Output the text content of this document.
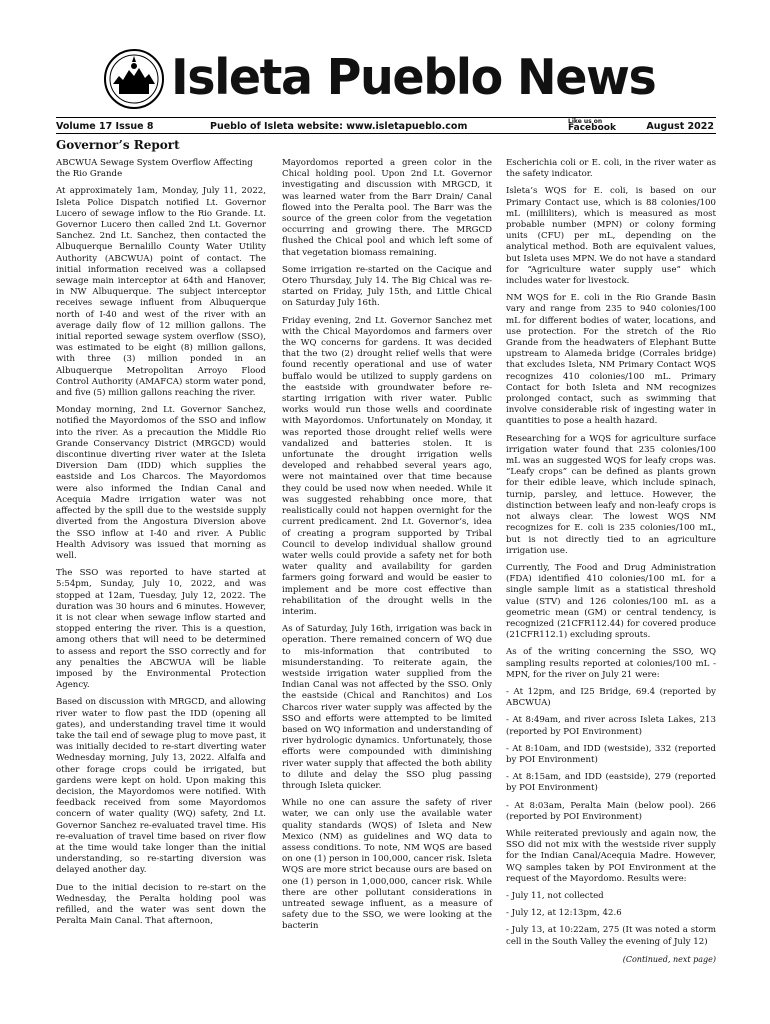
Isleta Pueblo News
Volume 17 Issue 8	Pueblo of Isleta website: www.isletapueblo.com	Like us on
Facebook	August 2022
Governor’s Report

ABCWUA Sewage System Overflow Affecting the Rio Grande

At approximately 1am, Monday, July 11, 2022, Isleta Police Dispatch notified Lt. Governor Lucero of sewage inflow to the Rio Grande. Lt. Governor Lucero then called 2nd Lt. Governor Sanchez. 2nd Lt. Sanchez, then contacted the Albuquerque Bernalillo County Water Utility Authority (ABCWUA) point of contact. The initial information received was a collapsed sewage main interceptor at 64th and Hanover, in NW Albuquerque. The subject interceptor receives sewage influent from Albuquerque north of I-40 and west of the river with an average daily flow of 12 million gallons. The initial reported sewage system overflow (SSO), was estimated to be eight (8) million gallons, with three (3) million ponded in an Albuquerque Metropolitan Arroyo Flood Control Authority (AMAFCA) storm water pond, and five (5) million gallons reaching the river.

Monday morning, 2nd Lt. Governor Sanchez, notified the Mayordomos of the SSO and inflow into the river. As a precaution the Middle Rio Grande Conservancy District (MRGCD) would discontinue diverting river water at the Isleta Diversion Dam (IDD) which supplies the eastside and Los Charcos. The Mayordomos were also informed the Indian Canal and Acequia Madre irrigation water was not affected by the spill due to the westside supply diverted from the Angostura Diversion above the SSO inflow at I-40 and river. A Public Health Advisory was issued that morning as well.

The SSO was reported to have started at 5:54pm, Sunday, July 10, 2022, and was stopped at 12am, Tuesday, July 12, 2022. The duration was 30 hours and 6 minutes. However, it is not clear when sewage inflow started and stopped entering the river. This is a question, among others that will need to be determined to assess and report the SSO correctly and for any penalties the ABCWUA will be liable imposed by the Environmental Protection Agency.

Based on discussion with MRGCD, and allowing river water to flow past the IDD (opening all gates), and understanding travel time it would take the tail end of sewage plug to move past, it was initially decided to re-start diverting water Wednesday morning, July 13, 2022. Alfalfa and other forage crops could be irrigated, but gardens were kept on hold. Upon making this decision, the Mayordomos were notified. With feedback received from some Mayordomos concern of water quality (WQ) safety, 2nd Lt. Governor Sanchez re-evaluated travel time. His re-evaluation of travel time based on river flow at the time would take longer than the initial understanding, so re-starting diversion was delayed another day.

Due to the initial decision to re-start on the Wednesday, the Peralta holding pool was refilled, and the water was sent down the Peralta Main Canal. That afternoon,

Mayordomos reported a green color in the Chical holding pool. Upon 2nd Lt. Governor investigating and discussion with MRGCD, it was learned water from the Barr Drain/ Canal flowed into the Peralta pool. The Barr was the source of the green color from the vegetation occurring and growing there. The MRGCD flushed the Chical pool and which left some of that vegetation biomass remaining.

Some irrigation re-started on the Cacique and Otero Thursday, July 14. The Big Chical was re-started on Friday, July 15th, and Little Chical on Saturday July 16th.

Friday evening, 2nd Lt. Governor Sanchez met with the Chical Mayordomos and farmers over the WQ concerns for gardens. It was decided that the two (2) drought relief wells that were found recently operational and use of water buffalo would be utilized to supply gardens on the eastside with groundwater before re-starting irrigation with river water. Public works would run those wells and coordinate with Mayordomos. Unfortunately on Monday, it was reported those drought relief wells were vandalized and batteries stolen. It is unfortunate the drought irrigation wells developed and rehabbed several years ago, were not maintained over that time because they could be used now when needed. While it was suggested rehabbing once more, that realistically could not happen overnight for the current predicament. 2nd Lt. Governor’s, idea of creating a program supported by Tribal Council to develop individual shallow ground water wells could provide a safety net for both water quality and availability for garden farmers going forward and would be easier to implement and be more cost effective than rehabilitation of the drought wells in the interim.

As of Saturday, July 16th, irrigation was back in operation. There remained concern of WQ due to mis-information that contributed to misunderstanding. To reiterate again, the westside irrigation water supplied from the Indian Canal was not affected by the SSO. Only the eastside (Chical and Ranchitos) and Los Charcos river water supply was affected by the SSO and efforts were attempted to be limited based on WQ information and understanding of river hydrologic dynamics. Unfortunately, those efforts were compounded with diminishing river water supply that affected the both ability to dilute and delay the SSO plug passing through Isleta quicker.

While no one can assure the safety of river water, we can only use the available water quality standards (WQS) of Isleta and New Mexico (NM) as guidelines and WQ data to assess conditions. To note, NM WQS are based on one (1) person in 100,000, cancer risk. Isleta WQS are more strict because ours are based on one (1) person in 1,000,000, cancer risk. While there are other pollutant considerations in untreated sewage influent, as a measure of safety due to the SSO, we were looking at the bacterin

Escherichia coli or E. coli, in the river water as the safety indicator.

Isleta’s WQS for E. coli, is based on our Primary Contact use, which is 88 colonies/100 mL (milliliters), which is measured as most probable number (MPN) or colony forming units (CFU) per mL, depending on the analytical method. Both are equivalent values, but Isleta uses MPN. We do not have a standard for “Agriculture water supply use” which includes water for livestock.

NM WQS for E. coli in the Rio Grande Basin vary and range from 235 to 940 colonies/100 mL for different bodies of water, locations, and use protection. For the stretch of the Rio Grande from the headwaters of Elephant Butte upstream to Alameda bridge (Corrales bridge) that excludes Isleta, NM Primary Contact WQS recognizes 410 colonies/100 mL. Primary Contact for both Isleta and NM recognizes prolonged contact, such as swimming that involve considerable risk of ingesting water in quantities to pose a health hazard.

Researching for a WQS for agriculture surface irrigation water found that 235 colonies/100 mL was an suggested WQS for leafy crops was. “Leafy crops” can be defined as plants grown for their edible leave, which include spinach, turnip, parsley, and lettuce. However, the distinction between leafy and non-leafy crops is not always clear. The lowest WQS NM recognizes for E. coli is 235 colonies/100 mL, but is not directly tied to an agriculture irrigation use.

Currently, The Food and Drug Administration (FDA) identified 410 colonies/100 mL for a single sample limit as a statistical threshold value (STV) and 126 colonies/100 mL as a geometric mean (GM) or central tendency, is recognized (21CFR112.44) for covered produce (21CFR112.1) excluding sprouts.

As of the writing concerning the SSO, WQ sampling results reported at colonies/100 mL - MPN, for the river on July 21 were:

- At 12pm, and I25 Bridge, 69.4 (reported by ABCWUA)

- At 8:49am, and river across Isleta Lakes, 213 (reported by POI Environment)

- At 8:10am, and IDD (westside), 332 (reported by POI Environment)

- At 8:15am, and IDD (eastside), 279 (reported by POI Environment)

- At 8:03am, Peralta Main (below pool). 266 (reported by POI Environment)

While reiterated previously and again now, the SSO did not mix with the westside river supply for the Indian Canal/Acequia Madre. However, WQ samples taken by POI Environment at the request of the Mayordomo. Results were:

- July 11, not collected

- July 12, at 12:13pm, 42.6

- July 13, at 10:22am, 275 (It was noted a storm cell in the South Valley the evening of July 12)

(Continued, next page)
